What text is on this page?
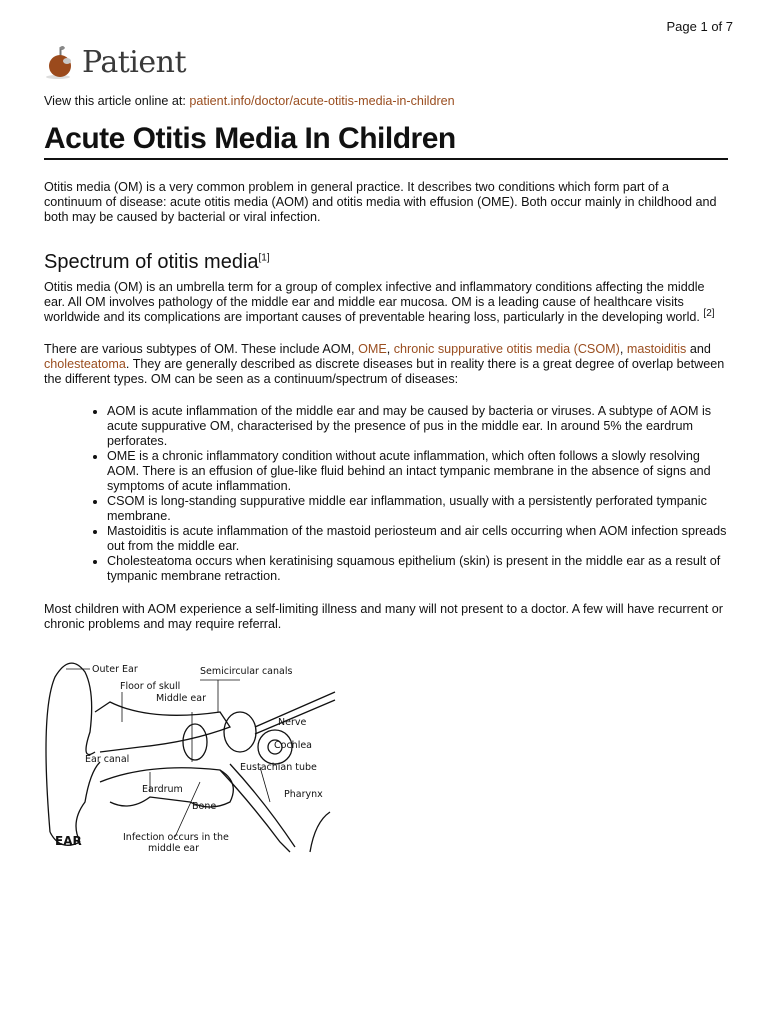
Page 1 of 7
Patient

View this article online at: patient.info/doctor/acute-otitis-media-in-children

Acute Otitis Media In Children

Otitis media (OM) is a very common problem in general practice. It describes two conditions which form part of a continuum of disease: acute otitis media (AOM) and otitis media with effusion (OME). Both occur mainly in childhood and both may be caused by bacterial or viral infection.

Spectrum of otitis media[1]

Otitis media (OM) is an umbrella term for a group of complex infective and inflammatory conditions affecting the middle ear. All OM involves pathology of the middle ear and middle ear mucosa. OM is a leading cause of healthcare visits worldwide and its complications are important causes of preventable hearing loss, particularly in the developing world. [2]

There are various subtypes of OM. These include AOM, OME, chronic suppurative otitis media (CSOM), mastoiditis and cholesteatoma. They are generally described as discrete diseases but in reality there is a great degree of overlap between the different types. OM can be seen as a continuum/spectrum of diseases:

• AOM is acute inflammation of the middle ear and may be caused by bacteria or viruses. A subtype of AOM is acute suppurative OM, characterised by the presence of pus in the middle ear. In around 5% the eardrum perforates.
• OME is a chronic inflammatory condition without acute inflammation, which often follows a slowly resolving AOM. There is an effusion of glue-like fluid behind an intact tympanic membrane in the absence of signs and symptoms of acute inflammation.
• CSOM is long-standing suppurative middle ear inflammation, usually with a persistently perforated tympanic membrane.
• Mastoiditis is acute inflammation of the mastoid periosteum and air cells occurring when AOM infection spreads out from the middle ear.
• Cholesteatoma occurs when keratinising squamous epithelium (skin) is present in the middle ear as a result of tympanic membrane retraction.

Most children with AOM experience a self-limiting illness and many will not present to a doctor. A few will have recurrent or chronic problems and may require referral.

Outer Ear	Semicircular canals
Floor of skull
Middle ear
Nerve
Cochlea
Ear canal
Eustachian tube
Eardrum	Pharynx
Bone
EAR	Infection occurs in the
middle ear
